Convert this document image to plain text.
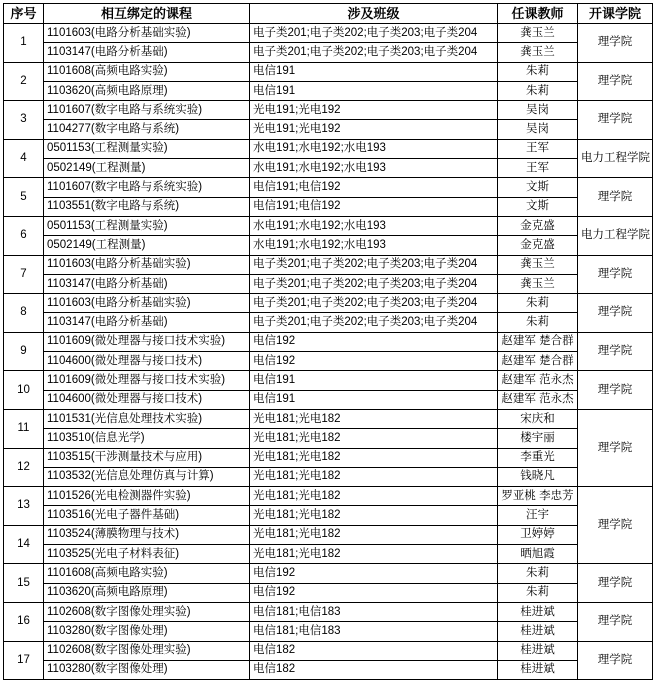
序号	相互绑定的课程	涉及班级	任课教师	开课学院
1	1101603(电路分析基础实验)	电子类201;电子类202;电子类203;电子类204	龚玉兰	理学院
	1103147(电路分析基础)	电子类201;电子类202;电子类203;电子类204	龚玉兰	
2	1101608(高频电路实验)	电信191	朱莉	理学院
	1103620(高频电路原理)	电信191	朱莉	
3	1101607(数字电路与系统实验)	光电191;光电192	吴岗	理学院
	1104277(数字电路与系统)	光电191;光电192	吴岗	
4	0501153(工程测量实验)	水电191;水电192;水电193	王军	电力工程学院
	0502149(工程测量)	水电191;水电192;水电193	王军	
5	1101607(数字电路与系统实验)	电信191;电信192	文斯	理学院
	1103551(数字电路与系统)	电信191;电信192	文斯	
6	0501153(工程测量实验)	水电191;水电192;水电193	金克盛	电力工程学院
	0502149(工程测量)	水电191;水电192;水电193	金克盛	
7	1101603(电路分析基础实验)	电子类201;电子类202;电子类203;电子类204	龚玉兰	理学院
	1103147(电路分析基础)	电子类201;电子类202;电子类203;电子类204	龚玉兰	
8	1101603(电路分析基础实验)	电子类201;电子类202;电子类203;电子类204	朱莉	理学院
	1103147(电路分析基础)	电子类201;电子类202;电子类203;电子类204	朱莉	
9	1101609(微处理器与接口技术实验)	电信192	赵建军 楚合群	理学院
	1104600(微处理器与接口技术)	电信192	赵建军 楚合群	
10	1101609(微处理器与接口技术实验)	电信191	赵建军 范永杰	理学院
	1104600(微处理器与接口技术)	电信191	赵建军 范永杰	
11	1101531(光信息处理技术实验)	光电181;光电182	宋庆和	理学院
	1103510(信息光学)	光电181;光电182	楼宇丽	
12	1103515(干涉测量技术与应用)	光电181;光电182	李重光	
	1103532(光信息处理仿真与计算)	光电181;光电182	钱晓凡	
13	1101526(光电检测器件实验)	光电181;光电182	罗亚桃 李忠芳	理学院
	1103516(光电子器件基础)	光电181;光电182	汪宇	
14	1103524(薄膜物理与技术)	光电181;光电182	卫婷婷	
	1103525(光电子材料表征)	光电181;光电182	晒旭霞	
15	1101608(高频电路实验)	电信192	朱莉	理学院
	1103620(高频电路原理)	电信192	朱莉	
16	1102608(数字图像处理实验)	电信181;电信183	桂进斌	理学院
	1103280(数字图像处理)	电信181;电信183	桂进斌	
17	1102608(数字图像处理实验)	电信182	桂进斌	理学院
	1103280(数字图像处理)	电信182	桂进斌	
